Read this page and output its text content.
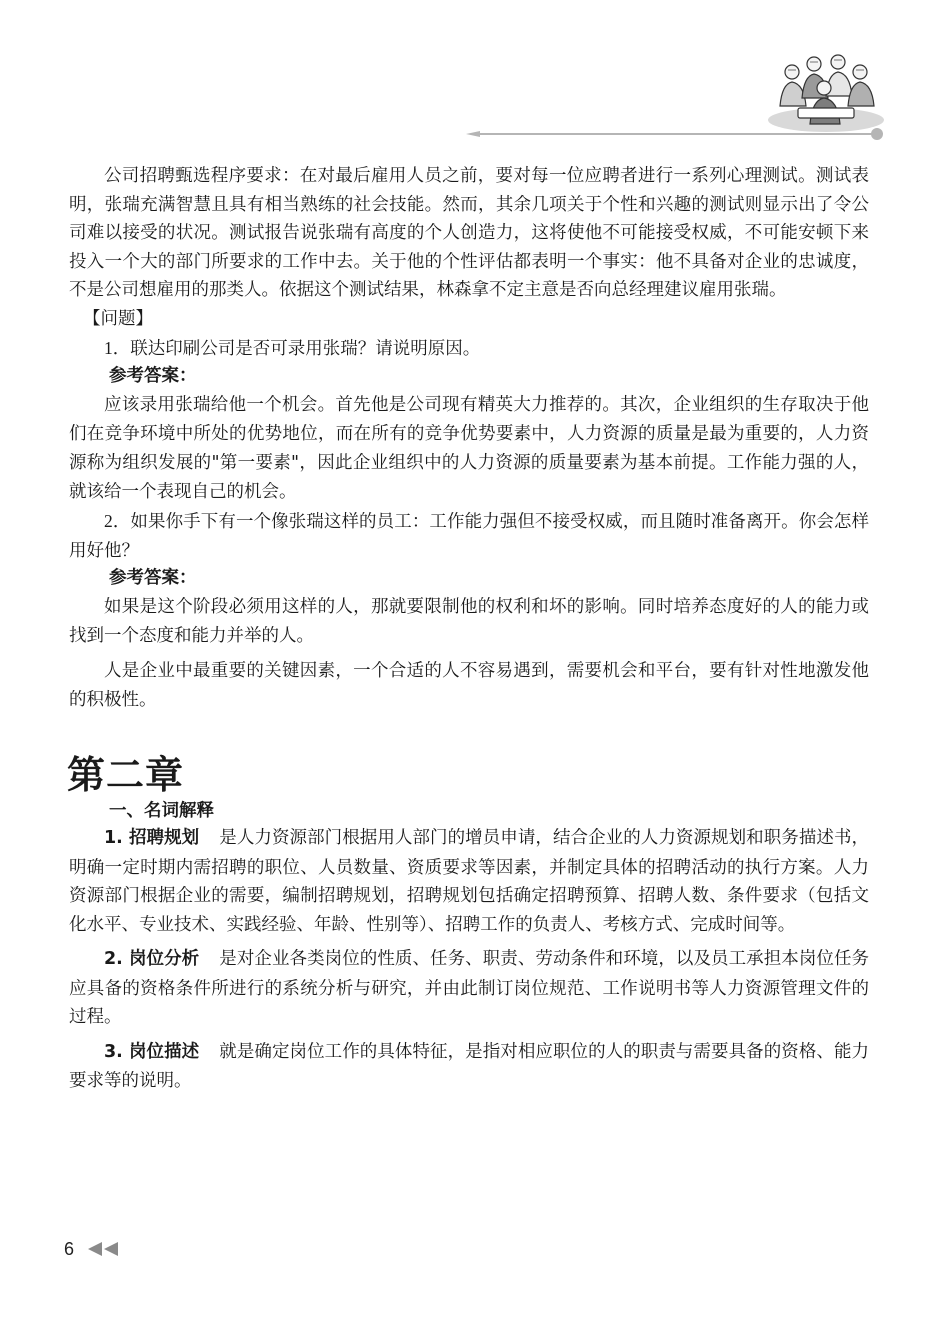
公司招聘甄选程序要求：在对最后雇用人员之前，要对每一位应聘者进行一系列心理测试。测试表明，张瑞充满智慧且具有相当熟练的社会技能。然而，其余几项关于个性和兴趣的测试则显示出了令公司难以接受的状况。测试报告说张瑞有高度的个人创造力，这将使他不可能接受权威，不可能安顿下来投入一个大的部门所要求的工作中去。关于他的个性评估都表明一个事实：他不具备对企业的忠诚度，不是公司想雇用的那类人。依据这个测试结果，林森拿不定主意是否向总经理建议雇用张瑞。

【问题】

1．联达印刷公司是否可录用张瑞？请说明原因。

参考答案：

应该录用张瑞给他一个机会。首先他是公司现有精英大力推荐的。其次，企业组织的生存取决于他们在竞争环境中所处的优势地位，而在所有的竞争优势要素中，人力资源的质量是最为重要的，人力资源称为组织发展的"第一要素"，因此企业组织中的人力资源的质量要素为基本前提。工作能力强的人，就该给一个表现自己的机会。

2．如果你手下有一个像张瑞这样的员工：工作能力强但不接受权威，而且随时准备离开。你会怎样用好他？

参考答案：

如果是这个阶段必须用这样的人，那就要限制他的权利和坏的影响。同时培养态度好的人的能力或找到一个态度和能力并举的人。

人是企业中最重要的关键因素，一个合适的人不容易遇到，需要机会和平台，要有针对性地激发他的积极性。

第二章
一、名词解释

1. 招聘规划 是人力资源部门根据用人部门的增员申请，结合企业的人力资源规划和职务描述书，明确一定时期内需招聘的职位、人员数量、资质要求等因素，并制定具体的招聘活动的执行方案。人力资源部门根据企业的需要，编制招聘规划，招聘规划包括确定招聘预算、招聘人数、条件要求（包括文化水平、专业技术、实践经验、年龄、性别等）、招聘工作的负责人、考核方式、完成时间等。

2. 岗位分析 是对企业各类岗位的性质、任务、职责、劳动条件和环境，以及员工承担本岗位任务应具备的资格条件所进行的系统分析与研究，并由此制订岗位规范、工作说明书等人力资源管理文件的过程。

3. 岗位描述 就是确定岗位工作的具体特征，是指对相应职位的人的职责与需要具备的资格、能力要求等的说明。

6
